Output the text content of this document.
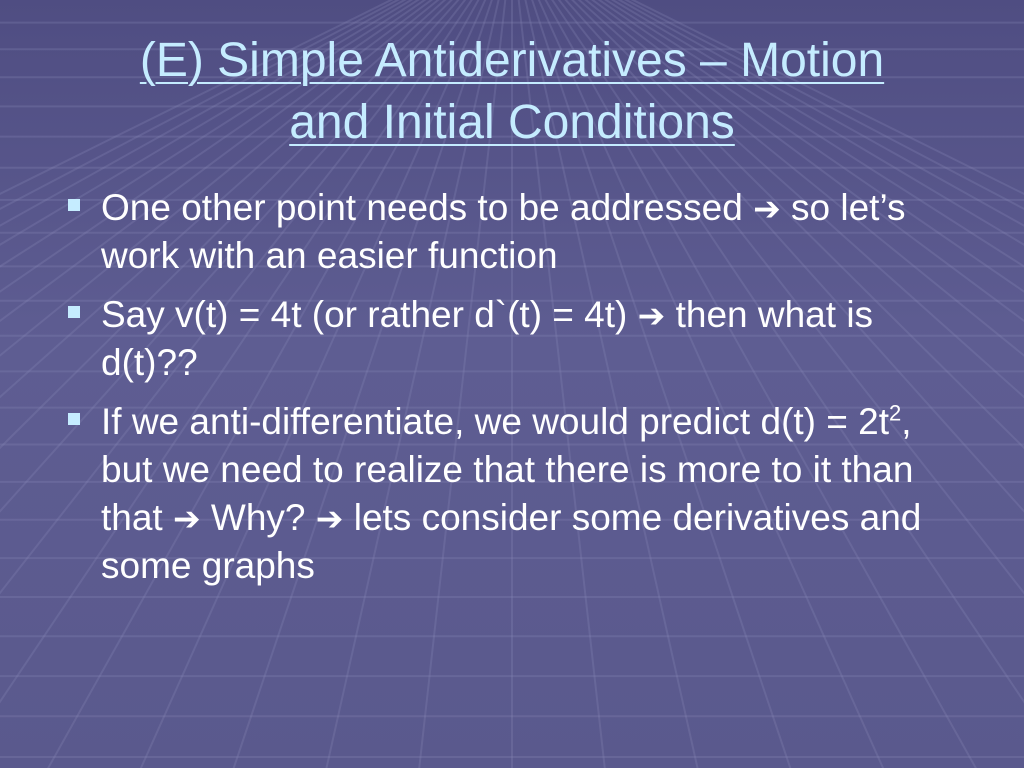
(E) Simple Antiderivatives – Motion
and Initial Conditions
One other point needs to be addressed ➔ so let’s work with an easier function
Say v(t) = 4t (or rather d`(t) = 4t) ➔ then what is d(t)??
If we anti-differentiate, we would predict $d(t) = 2t^2$, but we need to realize that there is more to it than that ➔ Why? ➔ lets consider some derivatives and some graphs
